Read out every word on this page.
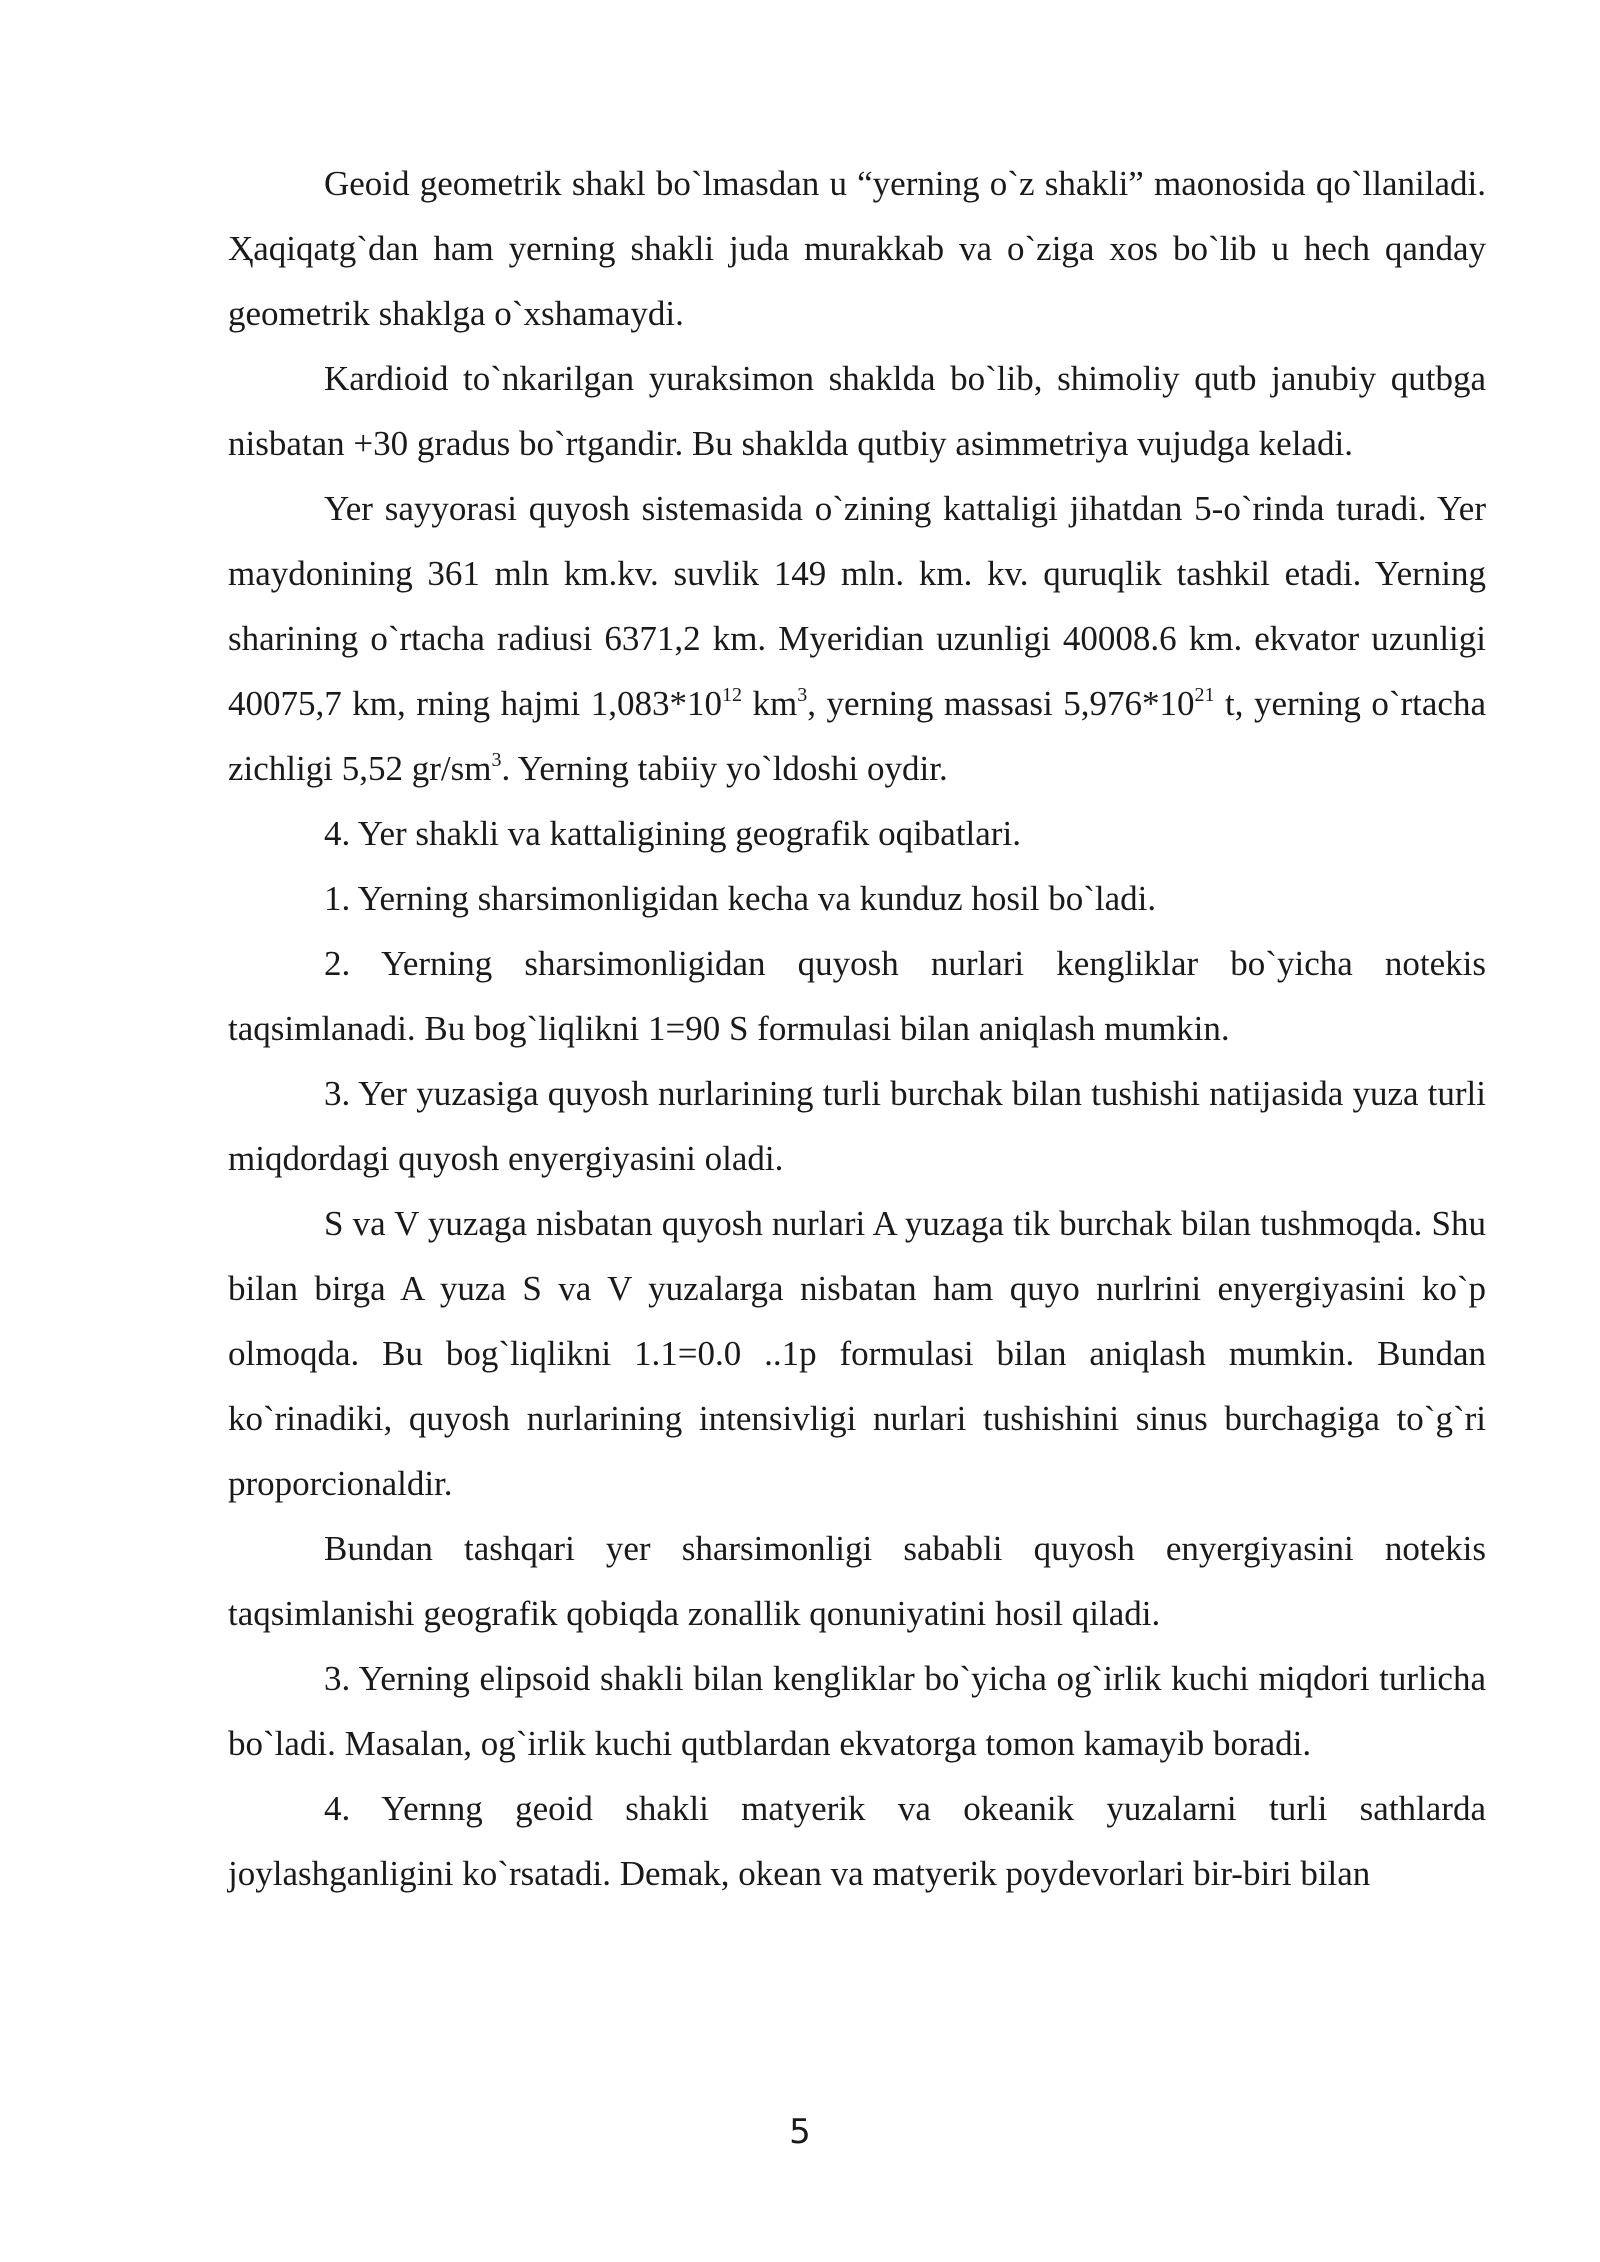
Geoid geometrik shakl bo`lmasdan u “yerning o`z shakli” maonosida qo`llaniladi. Ҳaqiqatg`dan ham yerning shakli juda murakkab va o`ziga xos bo`lib u hech qanday geometrik shaklga o`xshamaydi.

Kardioid to`nkarilgan yuraksimon shaklda bo`lib, shimoliy qutb janubiy qutbga nisbatan +30 gradus bo`rtgandir. Bu shaklda qutbiy asimmetriya vujudga keladi.

Yer sayyorasi quyosh sistemasida o`zining kattaligi jihatdan 5-o`rinda turadi. Yer maydonining 361 mln km.kv. suvlik 149 mln. km. kv. quruqlik tashkil etadi. Yerning sharining o`rtacha radiusi 6371,2 km. Myeridian uzunligi 40008.6 km. ekvator uzunligi 40075,7 km, rning hajmi $1,083*10^{12}$ $km^3$, yerning massasi $5,976*10^{21}$ t, yerning o`rtacha zichligi 5,52 $gr/sm^3$. Yerning tabiiy yo`ldoshi oydir.

4. Yer shakli va kattaligining geografik oqibatlari.

1. Yerning sharsimonligidan kecha va kunduz hosil bo`ladi.

2. Yerning sharsimonligidan quyosh nurlari kengliklar bo`yicha notekis taqsimlanadi. Bu bog`liqlikni 1=90 S formulasi bilan aniqlash mumkin.

3. Yer yuzasiga quyosh nurlarining turli burchak bilan tushishi natijasida yuza turli miqdordagi quyosh enyergiyasini oladi.

S va V yuzaga nisbatan quyosh nurlari A yuzaga tik burchak bilan tushmoqda. Shu bilan birga A yuza S va V yuzalarga nisbatan ham quyo nurlrini enyergiyasini ko`p olmoqda. Bu bog`liqlikni 1.1=0.0 ..1p formulasi bilan aniqlash mumkin. Bundan ko`rinadiki, quyosh nurlarining intensivligi nurlari tushishini sinus burchagiga to`g`ri proporcionaldir.

Bundan tashqari yer sharsimonligi sababli quyosh enyergiyasini notekis taqsimlanishi geografik qobiqda zonallik qonuniyatini hosil qiladi.

3. Yerning elipsoid shakli bilan kengliklar bo`yicha og`irlik kuchi miqdori turlicha bo`ladi. Masalan, og`irlik kuchi qutblardan ekvatorga tomon kamayib boradi.

4. Yernng geoid shakli matyerik va okeanik yuzalarni turli sathlarda joylashganligini ko`rsatadi. Demak, okean va matyerik poydevorlari bir-biri bilan

5
